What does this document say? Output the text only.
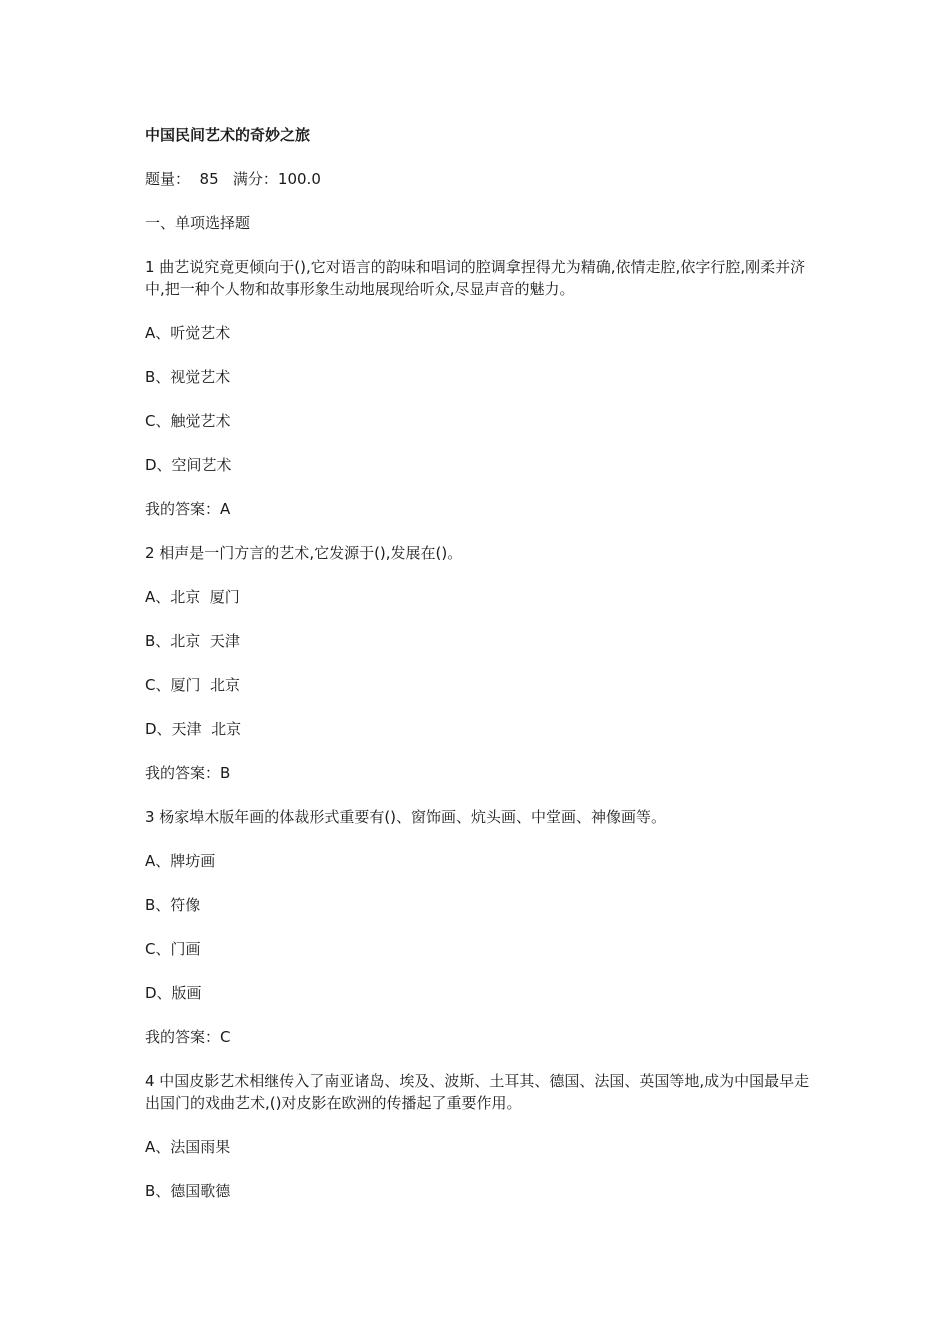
中国民间艺术的奇妙之旅
题量：  85   满分：100.0
一、单项选择题
1 曲艺说究竟更倾向于(),它对语言的韵味和唱词的腔调拿捏得尤为精确,依情走腔,依字行腔,刚柔并济中,把一种个人物和故事形象生动地展现给听众,尽显声音的魅力。
A、听觉艺术
B、视觉艺术
C、触觉艺术
D、空间艺术
我的答案：A
2 相声是一门方言的艺术,它发源于(),发展在()。
A、北京  厦门
B、北京  天津
C、厦门  北京
D、天津  北京
我的答案：B
3 杨家埠木版年画的体裁形式重要有()、窗饰画、炕头画、中堂画、神像画等。
A、牌坊画
B、符像
C、门画
D、版画
我的答案：C
4 中国皮影艺术相继传入了南亚诸岛、埃及、波斯、土耳其、德国、法国、英国等地,成为中国最早走出国门的戏曲艺术,()对皮影在欧洲的传播起了重要作用。
A、法国雨果
B、德国歌德
